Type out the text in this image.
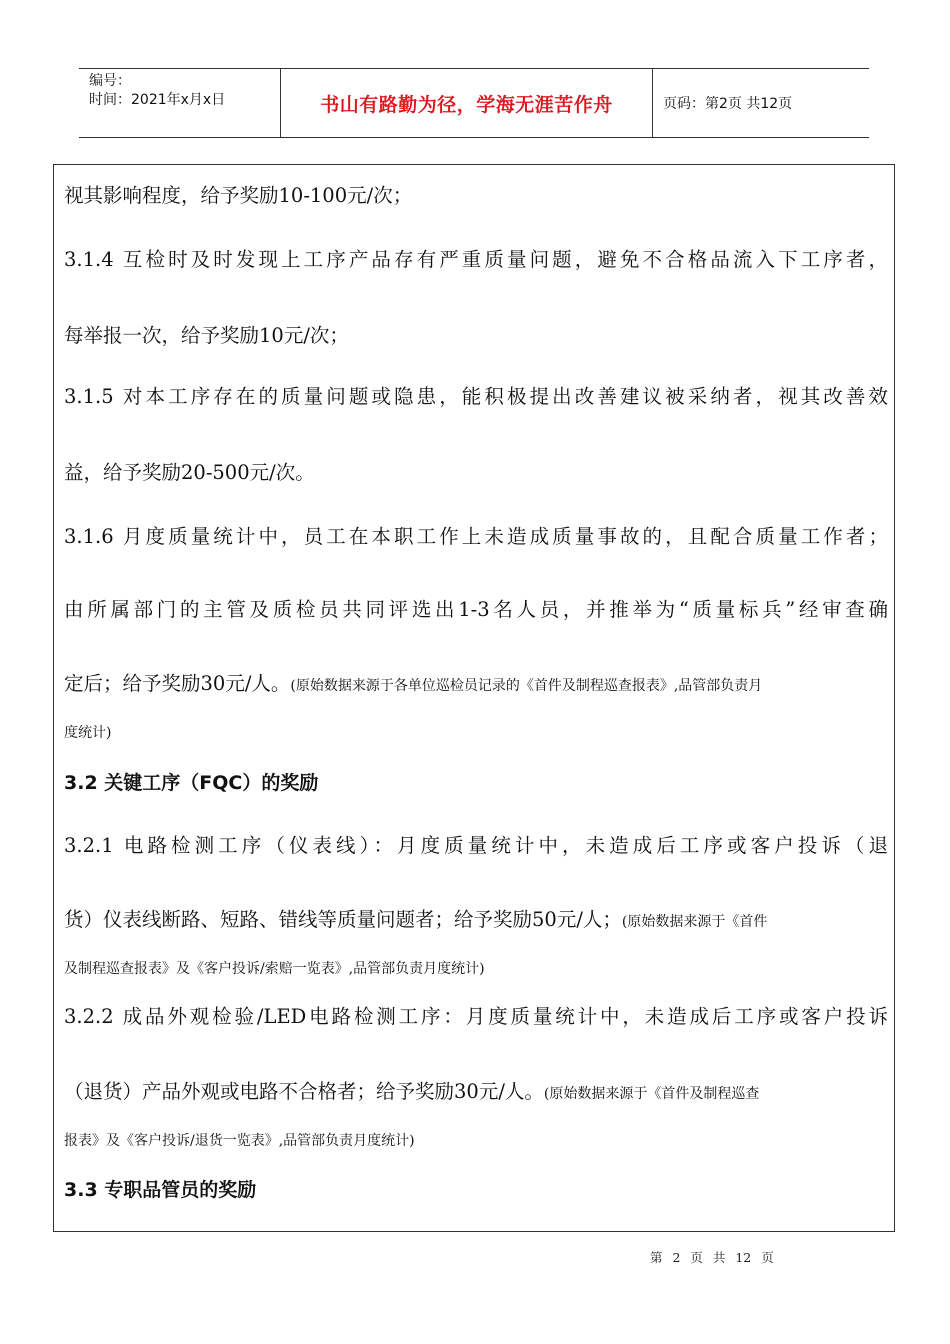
编号：
时间：2021年x月x日	书山有路勤为径，学海无涯苦作舟	页码：第2页 共12页
视其影响程度，给予奖励10-100元/次；
3.1.4 互检时及时发现上工序产品存有严重质量问题，避免不合格品流入下工序者，
每举报一次，给予奖励10元/次；
3.1.5 对本工序存在的质量问题或隐患，能积极提出改善建议被采纳者，视其改善效
益，给予奖励20-500元/次。
3.1.6 月度质量统计中，员工在本职工作上未造成质量事故的，且配合质量工作者；
由所属部门的主管及质检员共同评选出1-3名人员，并推举为“质量标兵”经审查确
定后；给予奖励30元/人。(原始数据来源于各单位巡检员记录的《首件及制程巡查报表》,品管部负责月
度统计)
3.2 关键工序（FQC）的奖励
3.2.1 电路检测工序（仪表线）：月度质量统计中，未造成后工序或客户投诉（退
货）仪表线断路、短路、错线等质量问题者；给予奖励50元/人；(原始数据来源于《首件
及制程巡查报表》及《客户投诉/索赔一览表》,品管部负责月度统计)
3.2.2 成品外观检验/LED电路检测工序：月度质量统计中，未造成后工序或客户投诉
（退货）产品外观或电路不合格者；给予奖励30元/人。(原始数据来源于《首件及制程巡查
报表》及《客户投诉/退货一览表》,品管部负责月度统计)
3.3 专职品管员的奖励
第 2 页 共 12 页
